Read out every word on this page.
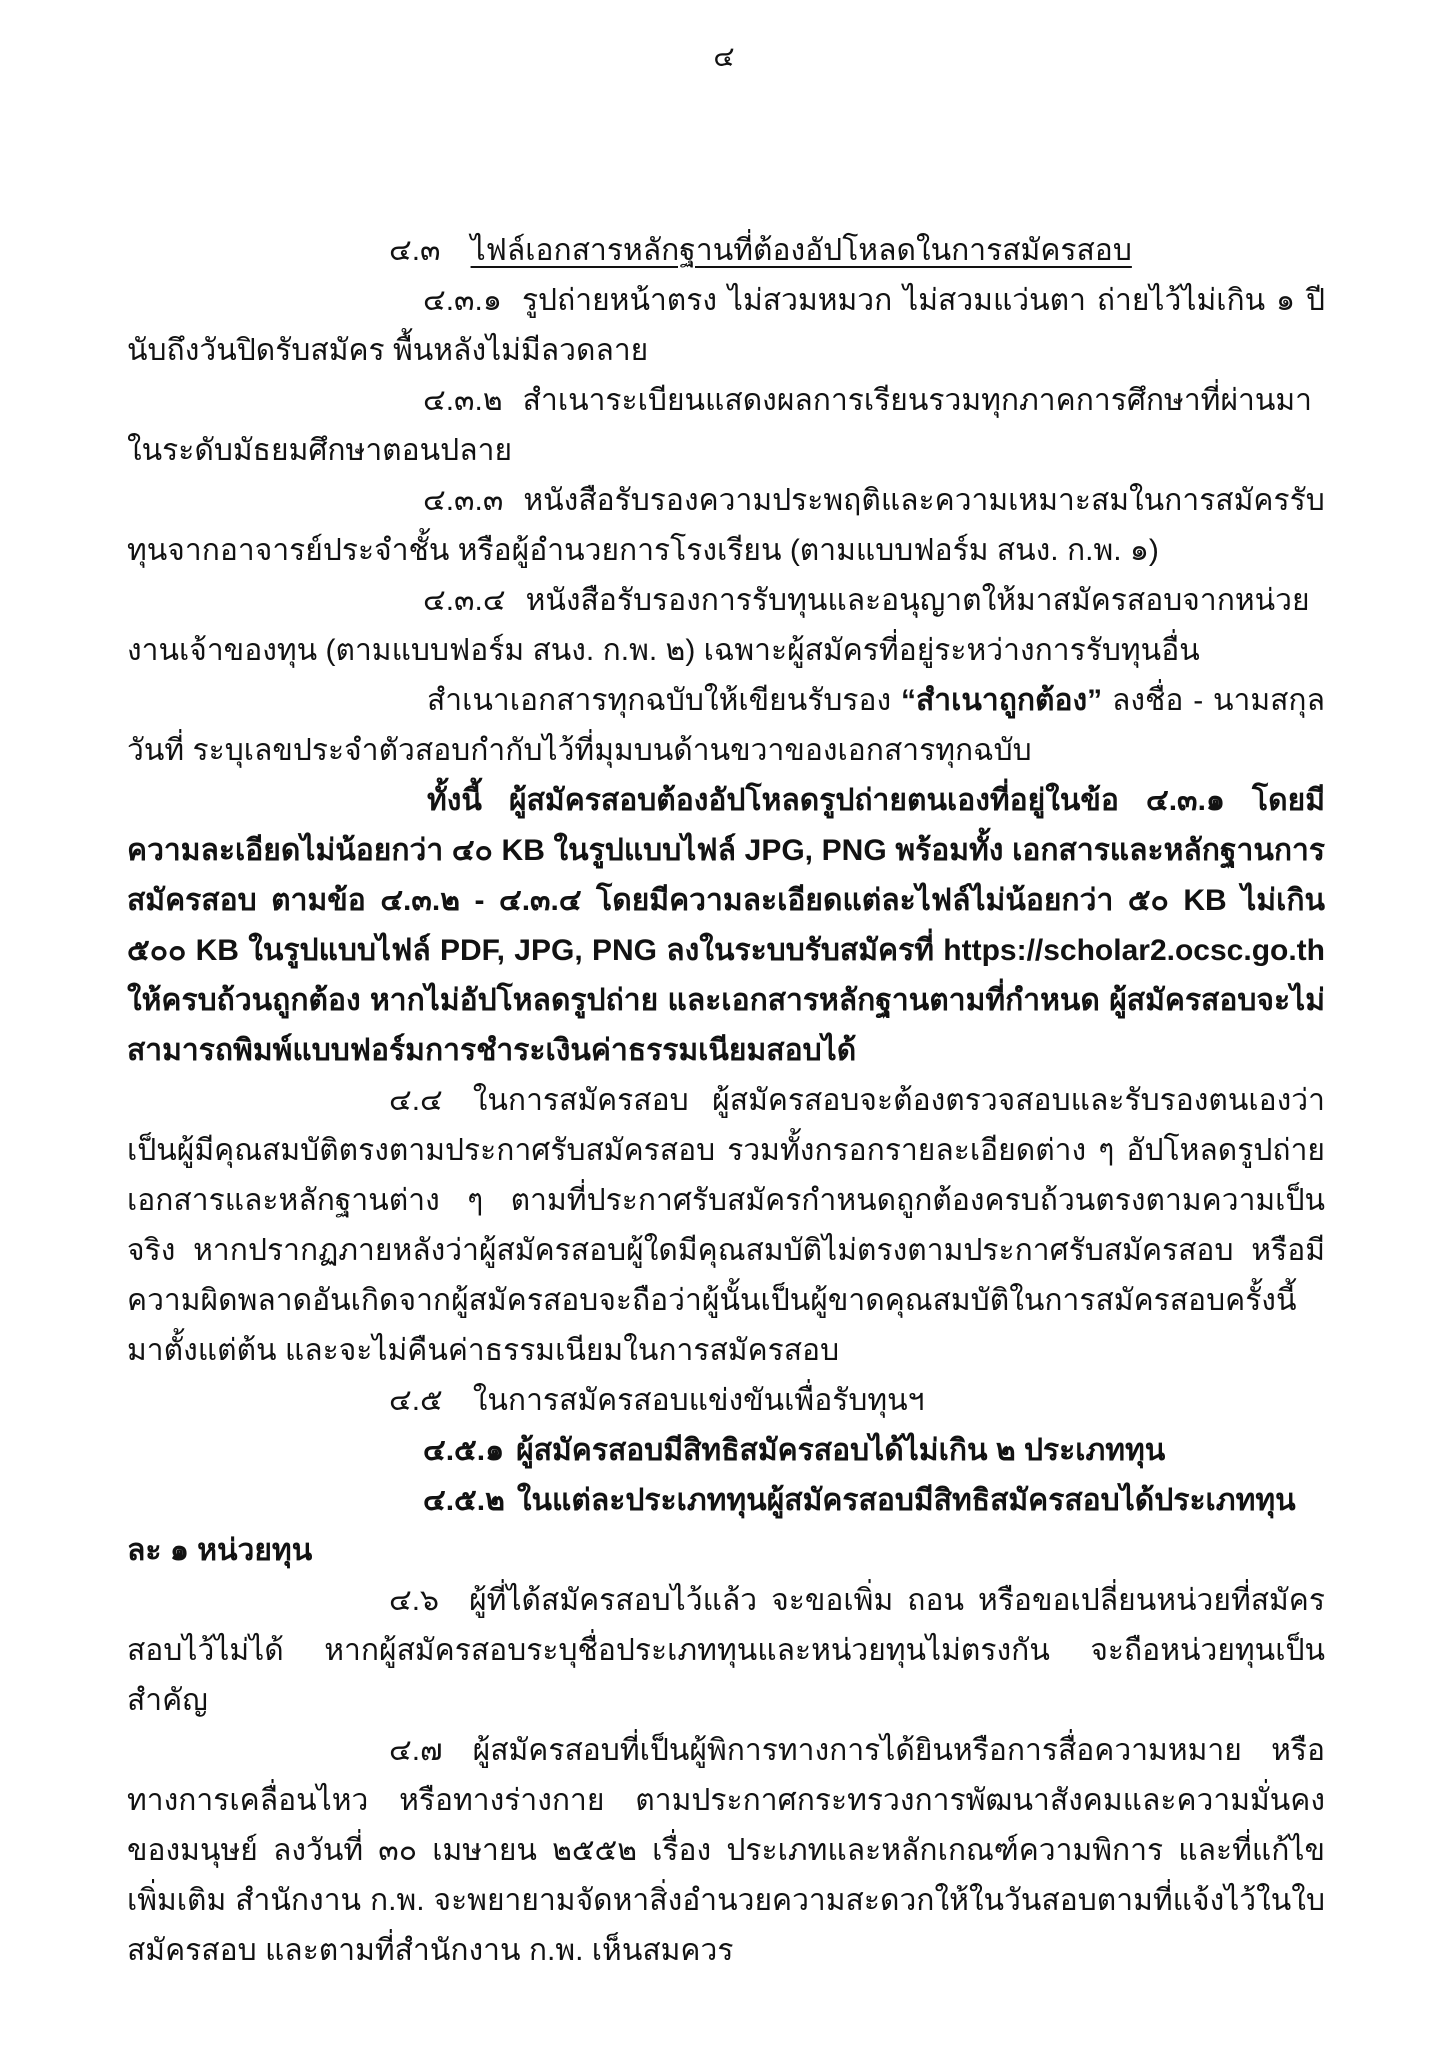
๔

๔.๓ ไฟล์เอกสารหลักฐานที่ต้องอัปโหลดในการสมัครสอบ

๔.๓.๑ รูปถ่ายหน้าตรง ไม่สวมหมวก ไม่สวมแว่นตา ถ่ายไว้ไม่เกิน ๑ ปีนับถึงวันปิดรับสมัคร พื้นหลังไม่มีลวดลาย

๔.๓.๒ สำเนาระเบียนแสดงผลการเรียนรวมทุกภาคการศึกษาที่ผ่านมาในระดับมัธยมศึกษาตอนปลาย

๔.๓.๓ หนังสือรับรองความประพฤติและความเหมาะสมในการสมัครรับทุนจากอาจารย์ประจำชั้น หรือผู้อำนวยการโรงเรียน (ตามแบบฟอร์ม สนง. ก.พ. ๑)

๔.๓.๔ หนังสือรับรองการรับทุนและอนุญาตให้มาสมัครสอบจากหน่วยงานเจ้าของทุน (ตามแบบฟอร์ม สนง. ก.พ. ๒) เฉพาะผู้สมัครที่อยู่ระหว่างการรับทุนอื่น

สำเนาเอกสารทุกฉบับให้เขียนรับรอง “สำเนาถูกต้อง” ลงชื่อ - นามสกุล วันที่ ระบุเลขประจำตัวสอบกำกับไว้ที่มุมบนด้านขวาของเอกสารทุกฉบับ

ทั้งนี้ ผู้สมัครสอบต้องอัปโหลดรูปถ่ายตนเองที่อยู่ในข้อ ๔.๓.๑ โดยมีความละเอียดไม่น้อยกว่า ๔๐ KB ในรูปแบบไฟล์ JPG, PNG พร้อมทั้ง เอกสารและหลักฐานการสมัครสอบ ตามข้อ ๔.๓.๒ - ๔.๓.๔ โดยมีความละเอียดแต่ละไฟล์ไม่น้อยกว่า ๕๐ KB ไม่เกิน ๕๐๐ KB ในรูปแบบไฟล์ PDF, JPG, PNG ลงในระบบรับสมัครที่ https://scholar2.ocsc.go.th ให้ครบถ้วนถูกต้อง หากไม่อัปโหลดรูปถ่าย และเอกสารหลักฐานตามที่กำหนด ผู้สมัครสอบจะไม่สามารถพิมพ์แบบฟอร์มการชำระเงินค่าธรรมเนียมสอบได้

๔.๔ ในการสมัครสอบ ผู้สมัครสอบจะต้องตรวจสอบและรับรองตนเองว่าเป็นผู้มีคุณสมบัติตรงตามประกาศรับสมัครสอบ รวมทั้งกรอกรายละเอียดต่าง ๆ อัปโหลดรูปถ่าย เอกสารและหลักฐานต่าง ๆ ตามที่ประกาศรับสมัครกำหนดถูกต้องครบถ้วนตรงตามความเป็นจริง หากปรากฏภายหลังว่าผู้สมัครสอบผู้ใดมีคุณสมบัติไม่ตรงตามประกาศรับสมัครสอบ หรือมีความผิดพลาดอันเกิดจากผู้สมัครสอบจะถือว่าผู้นั้นเป็นผู้ขาดคุณสมบัติในการสมัครสอบครั้งนี้มาตั้งแต่ต้น และจะไม่คืนค่าธรรมเนียมในการสมัครสอบ

๔.๕ ในการสมัครสอบแข่งขันเพื่อรับทุนฯ

๔.๕.๑ ผู้สมัครสอบมีสิทธิสมัครสอบได้ไม่เกิน ๒ ประเภททุน

๔.๕.๒ ในแต่ละประเภททุนผู้สมัครสอบมีสิทธิสมัครสอบได้ประเภททุนละ ๑ หน่วยทุน

๔.๖ ผู้ที่ได้สมัครสอบไว้แล้ว จะขอเพิ่ม ถอน หรือขอเปลี่ยนหน่วยที่สมัครสอบไว้ไม่ได้ หากผู้สมัครสอบระบุชื่อประเภททุนและหน่วยทุนไม่ตรงกัน จะถือหน่วยทุนเป็นสำคัญ

๔.๗ ผู้สมัครสอบที่เป็นผู้พิการทางการได้ยินหรือการสื่อความหมาย หรือทางการเคลื่อนไหว หรือทางร่างกาย ตามประกาศกระทรวงการพัฒนาสังคมและความมั่นคงของมนุษย์ ลงวันที่ ๓๐ เมษายน ๒๕๕๒ เรื่อง ประเภทและหลักเกณฑ์ความพิการ และที่แก้ไขเพิ่มเติม สำนักงาน ก.พ. จะพยายามจัดหาสิ่งอำนวยความสะดวกให้ในวันสอบตามที่แจ้งไว้ในใบสมัครสอบ และตามที่สำนักงาน ก.พ. เห็นสมควร
